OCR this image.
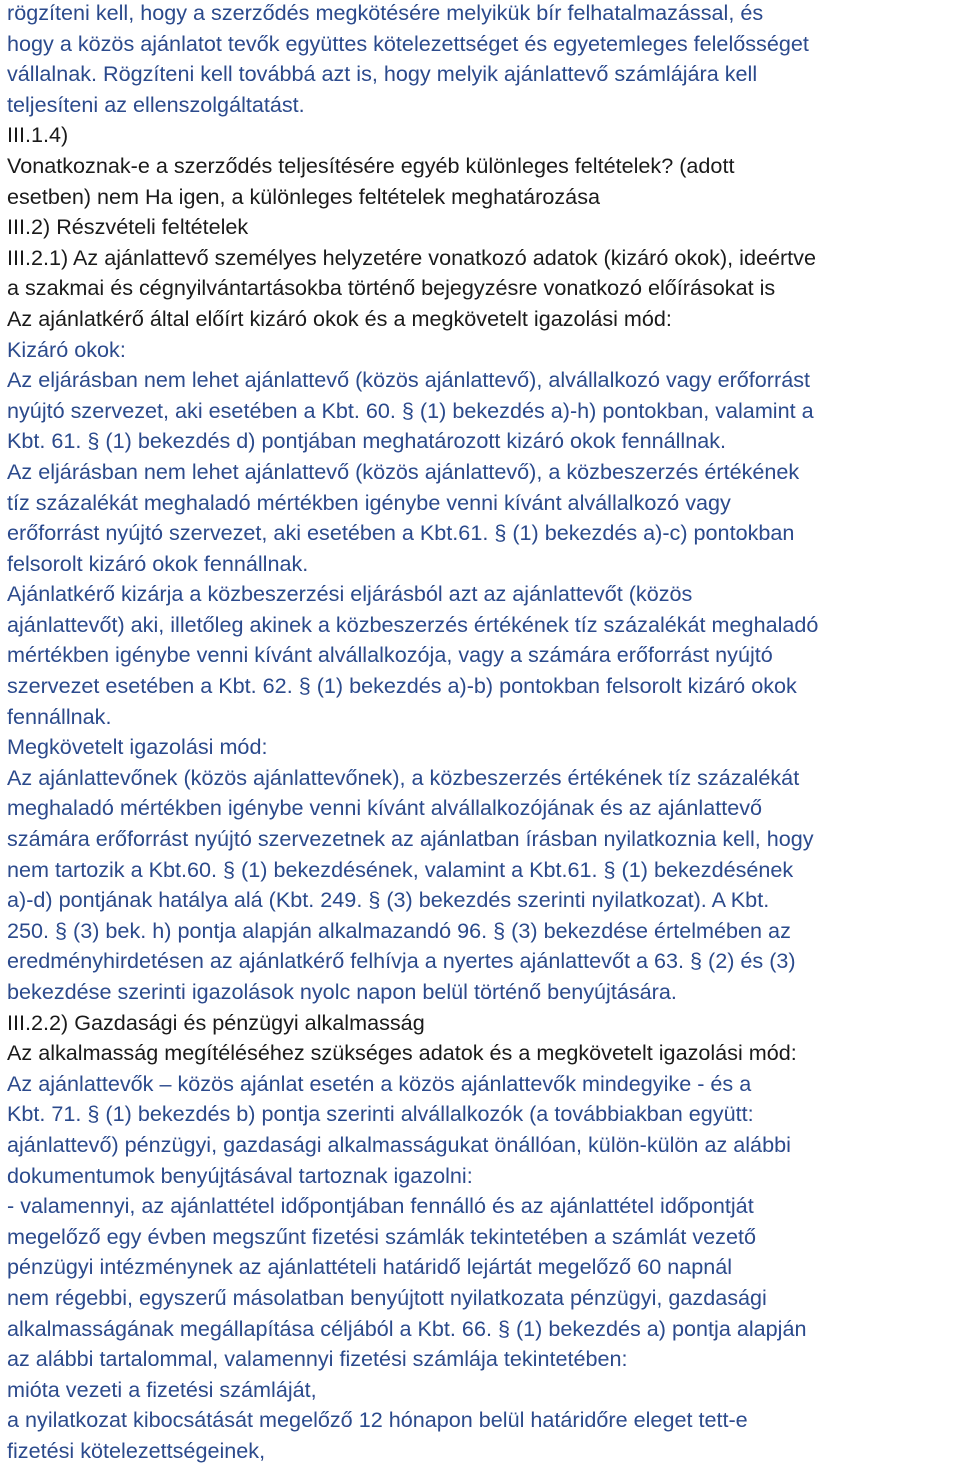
rögzíteni kell, hogy a szerződés megkötésére melyikük bír felhatalmazással, és
hogy a közös ajánlatot tevők együttes kötelezettséget és egyetemleges felelősséget
vállalnak. Rögzíteni kell továbbá azt is, hogy melyik ajánlattevő számlájára kell
teljesíteni az ellenszolgáltatást.
III.1.4)
Vonatkoznak-e a szerződés teljesítésére egyéb különleges feltételek? (adott
esetben) nem Ha igen, a különleges feltételek meghatározása
III.2) Részvételi feltételek
III.2.1) Az ajánlattevő személyes helyzetére vonatkozó adatok (kizáró okok), ideértve
a szakmai és cégnyilvántartásokba történő bejegyzésre vonatkozó előírásokat is
Az ajánlatkérő által előírt kizáró okok és a megkövetelt igazolási mód:
Kizáró okok:
Az eljárásban nem lehet ajánlattevő (közös ajánlattevő), alvállalkozó vagy erőforrást
nyújtó szervezet, aki esetében a Kbt. 60. § (1) bekezdés a)-h) pontokban, valamint a
Kbt. 61. § (1) bekezdés d) pontjában meghatározott kizáró okok fennállnak.
Az eljárásban nem lehet ajánlattevő (közös ajánlattevő), a közbeszerzés értékének
tíz százalékát meghaladó mértékben igénybe venni kívánt alvállalkozó vagy
erőforrást nyújtó szervezet, aki esetében a Kbt.61. § (1) bekezdés a)-c) pontokban
felsorolt kizáró okok fennállnak.
Ajánlatkérő kizárja a közbeszerzési eljárásból azt az ajánlattevőt (közös
ajánlattevőt) aki, illetőleg akinek a közbeszerzés értékének tíz százalékát meghaladó
mértékben igénybe venni kívánt alvállalkozója, vagy a számára erőforrást nyújtó
szervezet esetében a Kbt. 62. § (1) bekezdés a)-b) pontokban felsorolt kizáró okok
fennállnak.
Megkövetelt igazolási mód:
Az ajánlattevőnek (közös ajánlattevőnek), a közbeszerzés értékének tíz százalékát
meghaladó mértékben igénybe venni kívánt alvállalkozójának és az ajánlattevő
számára erőforrást nyújtó szervezetnek az ajánlatban írásban nyilatkoznia kell, hogy
nem tartozik a Kbt.60. § (1) bekezdésének, valamint a Kbt.61. § (1) bekezdésének
a)-d) pontjának hatálya alá (Kbt. 249. § (3) bekezdés szerinti nyilatkozat). A Kbt.
250. § (3) bek. h) pontja alapján alkalmazandó 96. § (3) bekezdése értelmében az
eredményhirdetésen az ajánlatkérő felhívja a nyertes ajánlattevőt a 63. § (2) és (3)
bekezdése szerinti igazolások nyolc napon belül történő benyújtására.
III.2.2) Gazdasági és pénzügyi alkalmasság
Az alkalmasság megítéléséhez szükséges adatok és a megkövetelt igazolási mód:
Az ajánlattevők – közös ajánlat esetén a közös ajánlattevők mindegyike - és a
Kbt. 71. § (1) bekezdés b) pontja szerinti alvállalkozók (a továbbiakban együtt:
ajánlattevő) pénzügyi, gazdasági alkalmasságukat önállóan, külön-külön az alábbi
dokumentumok benyújtásával tartoznak igazolni:
- valamennyi, az ajánlattétel időpontjában fennálló és az ajánlattétel időpontját
megelőző egy évben megszűnt fizetési számlák tekintetében a számlát vezető
pénzügyi intézménynek az ajánlattételi határidő lejártát megelőző 60 napnál
nem régebbi, egyszerű másolatban benyújtott nyilatkozata pénzügyi, gazdasági
alkalmasságának megállapítása céljából a Kbt. 66. § (1) bekezdés a) pontja alapján
az alábbi tartalommal, valamennyi fizetési számlája tekintetében:
mióta vezeti a fizetési számláját,
a nyilatkozat kibocsátását megelőző 12 hónapon belül határidőre eleget tett-e
fizetési kötelezettségeinek,
